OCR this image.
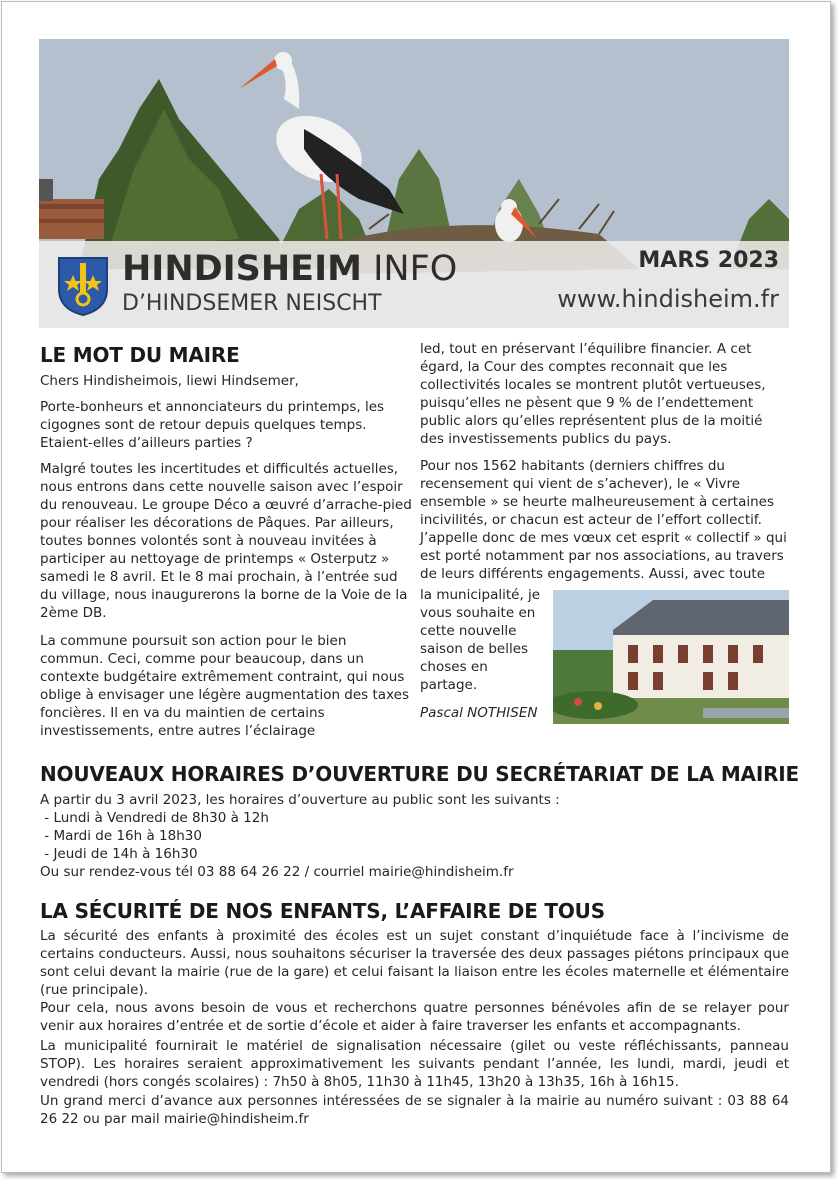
HINDISHEIM INFO
D’HINDSEMER NEISCHT
MARS 2023
www.hindisheim.fr
LE MOT DU MAIRE

Chers Hindisheimois, liewi Hindsemer,

Porte-bonheurs et annonciateurs du printemps, les cigognes sont de retour depuis quelques temps. Etaient-elles d’ailleurs parties ?

Malgré toutes les incertitudes et difficultés actuelles, nous entrons dans cette nouvelle saison avec l’espoir du renouveau. Le groupe Déco a œuvré d’arrache-pied pour réaliser les décorations de Pâques. Par ailleurs, toutes bonnes volontés sont à nouveau invitées à participer au nettoyage de printemps « Osterputz » samedi le 8 avril. Et le 8 mai prochain, à l’entrée sud du village, nous inaugurerons la borne de la Voie de la 2ème DB.

La commune poursuit son action pour le bien commun. Ceci, comme pour beaucoup, dans un contexte budgétaire extrêmement contraint, qui nous oblige à envisager une légère augmentation des taxes foncières. Il en va du maintien de certains investissements, entre autres l’éclairage

led, tout en préservant l’équilibre financier. A cet égard, la Cour des comptes reconnait que les collectivités locales se montrent plutôt vertueuses, puisqu’elles ne pèsent que 9 % de l’endettement public alors qu’elles représentent plus de la moitié des investissements publics du pays.

Pour nos 1562 habitants (derniers chiffres du recensement qui vient de s’achever), le « Vivre ensemble » se heurte malheureusement à certaines incivilités, or chacun est acteur de l’effort collectif. J’appelle donc de mes vœux cet esprit « collectif » qui est porté notamment par nos associations, au travers de leurs différents engagements. Aussi, avec toute

la municipalité, je vous souhaite en cette nouvelle saison de belles choses en partage.

Pascal NOTHISEN

NOUVEAUX HORAIRES D’OUVERTURE DU SECRÉTARIAT DE LA MAIRIE

A partir du 3 avril 2023, les horaires d’ouverture au public sont les suivants :

- Lundi à Vendredi de 8h30 à 12h

- Mardi de 16h à 18h30

- Jeudi de 14h à 16h30

Ou sur rendez-vous tél 03 88 64 26 22 / courriel mairie@hindisheim.fr

LA SÉCURITÉ DE NOS ENFANTS, L’AFFAIRE DE TOUS

La sécurité des enfants à proximité des écoles est un sujet constant d’inquiétude face à l’incivisme de certains conducteurs. Aussi, nous souhaitons sécuriser la traversée des deux passages piétons principaux que sont celui devant la mairie (rue de la gare) et celui faisant la liaison entre les écoles maternelle et élémentaire (rue principale).

Pour cela, nous avons besoin de vous et recherchons quatre personnes bénévoles afin de se relayer pour venir aux horaires d’entrée et de sortie d’école et aider à faire traverser les enfants et accompagnants.

La municipalité fournirait le matériel de signalisation nécessaire (gilet ou veste réfléchissants, panneau STOP). Les horaires seraient approximativement les suivants pendant l’année, les lundi, mardi, jeudi et vendredi (hors congés scolaires) : 7h50 à 8h05, 11h30 à 11h45, 13h20 à 13h35, 16h à 16h15.

Un grand merci d’avance aux personnes intéressées de se signaler à la mairie au numéro suivant : 03 88 64 26 22 ou par mail mairie@hindisheim.fr
